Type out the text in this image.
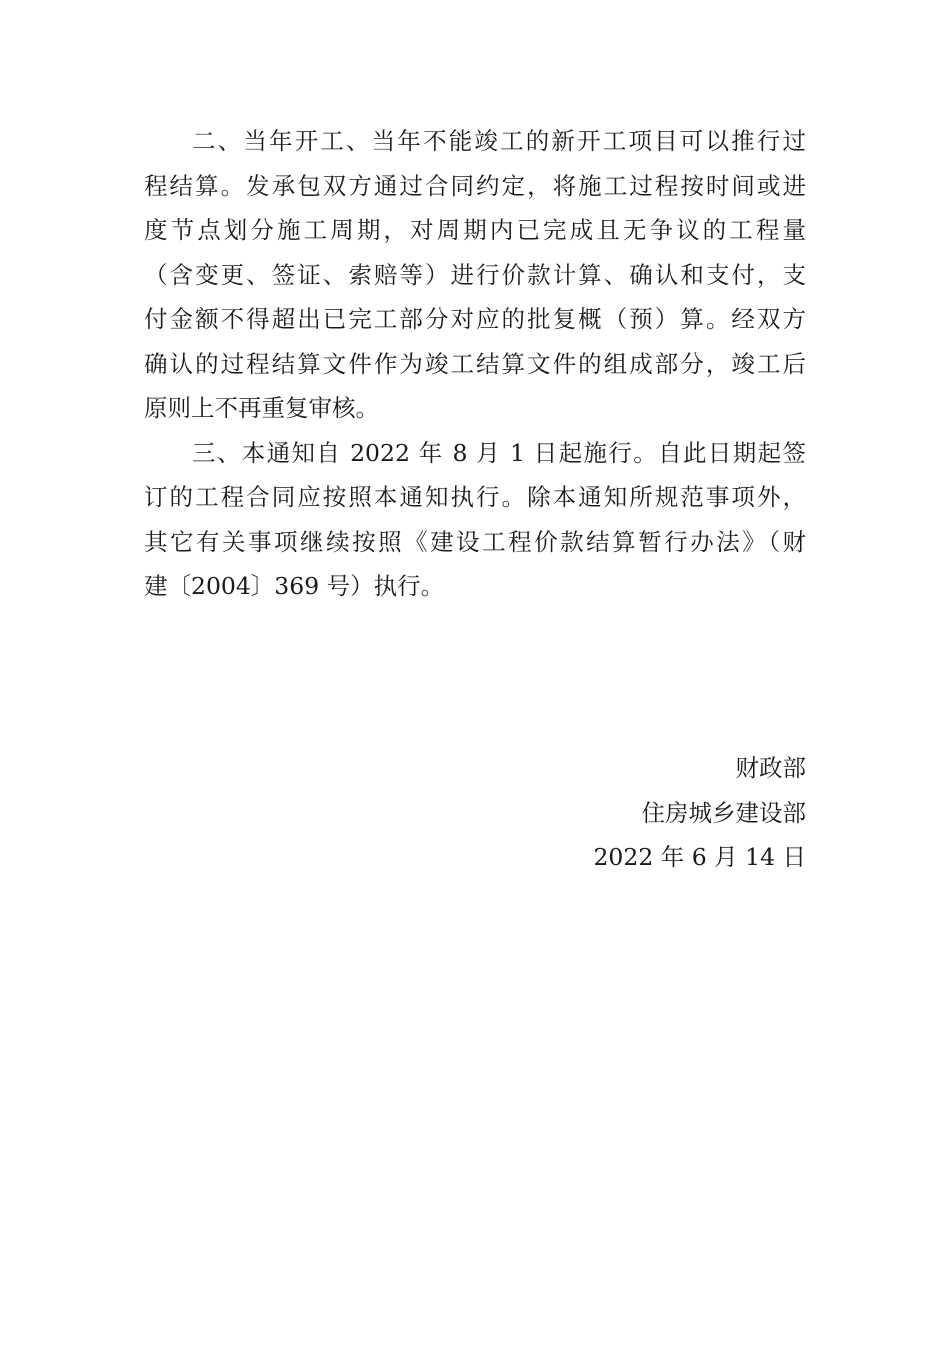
二、当年开工、当年不能竣工的新开工项目可以推行过
程结算。发承包双方通过合同约定，将施工过程按时间或进
度节点划分施工周期，对周期内已完成且无争议的工程量
（含变更、签证、索赔等）进行价款计算、确认和支付，支
付金额不得超出已完工部分对应的批复概（预）算。经双方
确认的过程结算文件作为竣工结算文件的组成部分，竣工后
原则上不再重复审核。
三、本通知自 2022 年 8 月 1 日起施行。自此日期起签
订的工程合同应按照本通知执行。除本通知所规范事项外，
其它有关事项继续按照《建设工程价款结算暂行办法》（财
建〔2004〕369 号）执行。
财政部
住房城乡建设部
2022 年 6 月 14 日
